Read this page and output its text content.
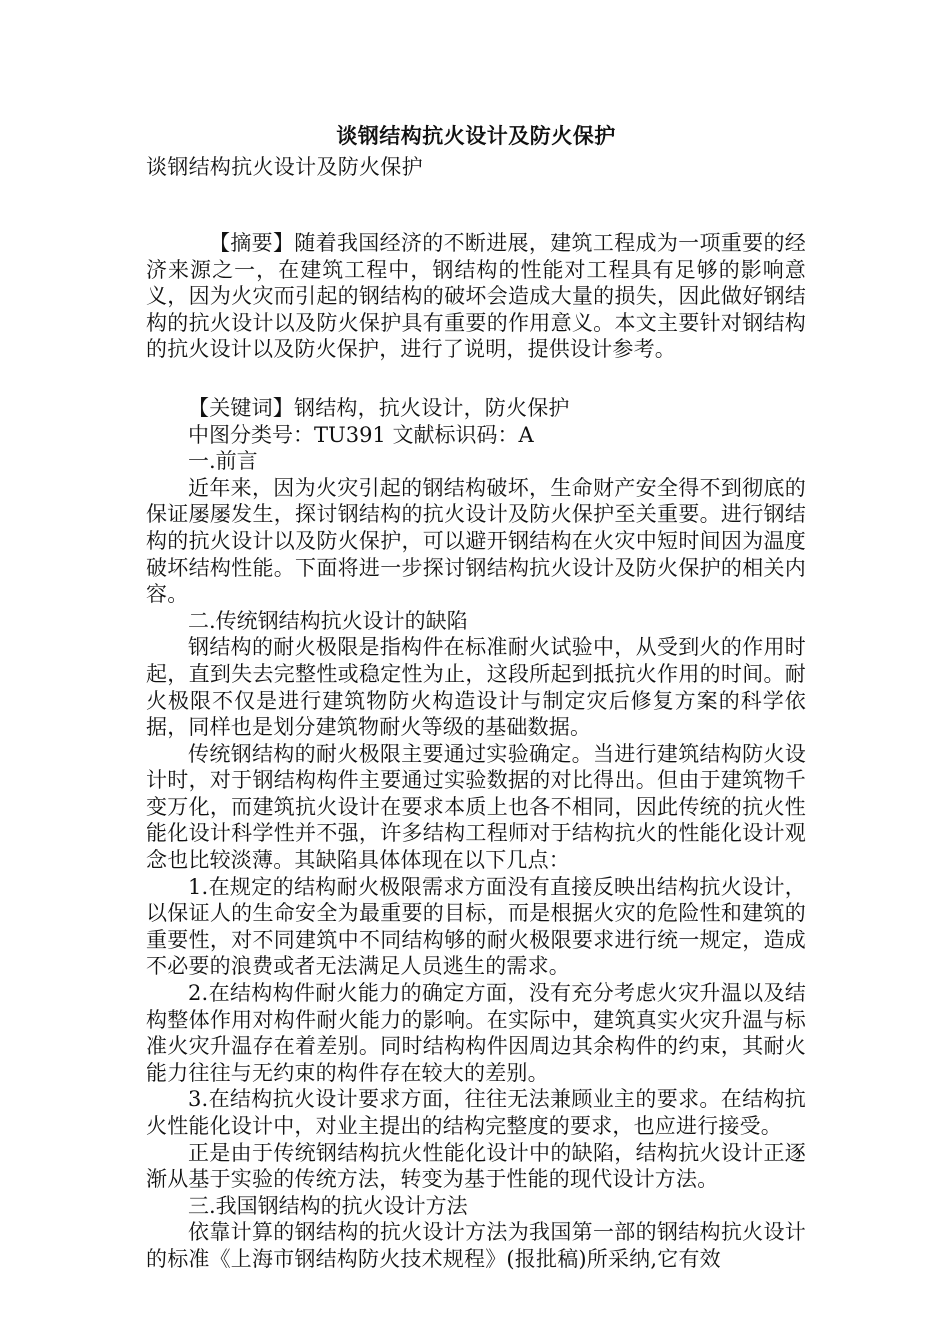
谈钢结构抗火设计及防火保护

谈钢结构抗火设计及防火保护

【摘要】随着我国经济的不断进展，建筑工程成为一项重要的经济来源之一，在建筑工程中，钢结构的性能对工程具有足够的影响意义，因为火灾而引起的钢结构的破坏会造成大量的损失，因此做好钢结构的抗火设计以及防火保护具有重要的作用意义。本文主要针对钢结构的抗火设计以及防火保护，进行了说明，提供设计参考。

【关键词】钢结构，抗火设计，防火保护

中图分类号：TU391 文献标识码：A

一.前言

近年来，因为火灾引起的钢结构破坏，生命财产安全得不到彻底的保证屡屡发生，探讨钢结构的抗火设计及防火保护至关重要。进行钢结构的抗火设计以及防火保护，可以避开钢结构在火灾中短时间因为温度破坏结构性能。下面将进一步探讨钢结构抗火设计及防火保护的相关内容。

二.传统钢结构抗火设计的缺陷

钢结构的耐火极限是指构件在标准耐火试验中，从受到火的作用时起，直到失去完整性或稳定性为止，这段所起到抵抗火作用的时间。耐火极限不仅是进行建筑物防火构造设计与制定灾后修复方案的科学依据，同样也是划分建筑物耐火等级的基础数据。

传统钢结构的耐火极限主要通过实验确定。当进行建筑结构防火设计时，对于钢结构构件主要通过实验数据的对比得出。但由于建筑物千变万化，而建筑抗火设计在要求本质上也各不相同，因此传统的抗火性能化设计科学性并不强，许多结构工程师对于结构抗火的性能化设计观念也比较淡薄。其缺陷具体体现在以下几点：

1.在规定的结构耐火极限需求方面没有直接反映出结构抗火设计，以保证人的生命安全为最重要的目标，而是根据火灾的危险性和建筑的重要性，对不同建筑中不同结构够的耐火极限要求进行统一规定，造成不必要的浪费或者无法满足人员逃生的需求。

2.在结构构件耐火能力的确定方面，没有充分考虑火灾升温以及结构整体作用对构件耐火能力的影响。在实际中，建筑真实火灾升温与标准火灾升温存在着差别。同时结构构件因周边其余构件的约束，其耐火能力往往与无约束的构件存在较大的差别。

3.在结构抗火设计要求方面，往往无法兼顾业主的要求。在结构抗火性能化设计中，对业主提出的结构完整度的要求，也应进行接受。

正是由于传统钢结构抗火性能化设计中的缺陷，结构抗火设计正逐渐从基于实验的传统方法，转变为基于性能的现代设计方法。

三.我国钢结构的抗火设计方法

依靠计算的钢结构的抗火设计方法为我国第一部的钢结构抗火设计的标准《上海市钢结构防火技术规程》(报批稿)所采纳,它有效
